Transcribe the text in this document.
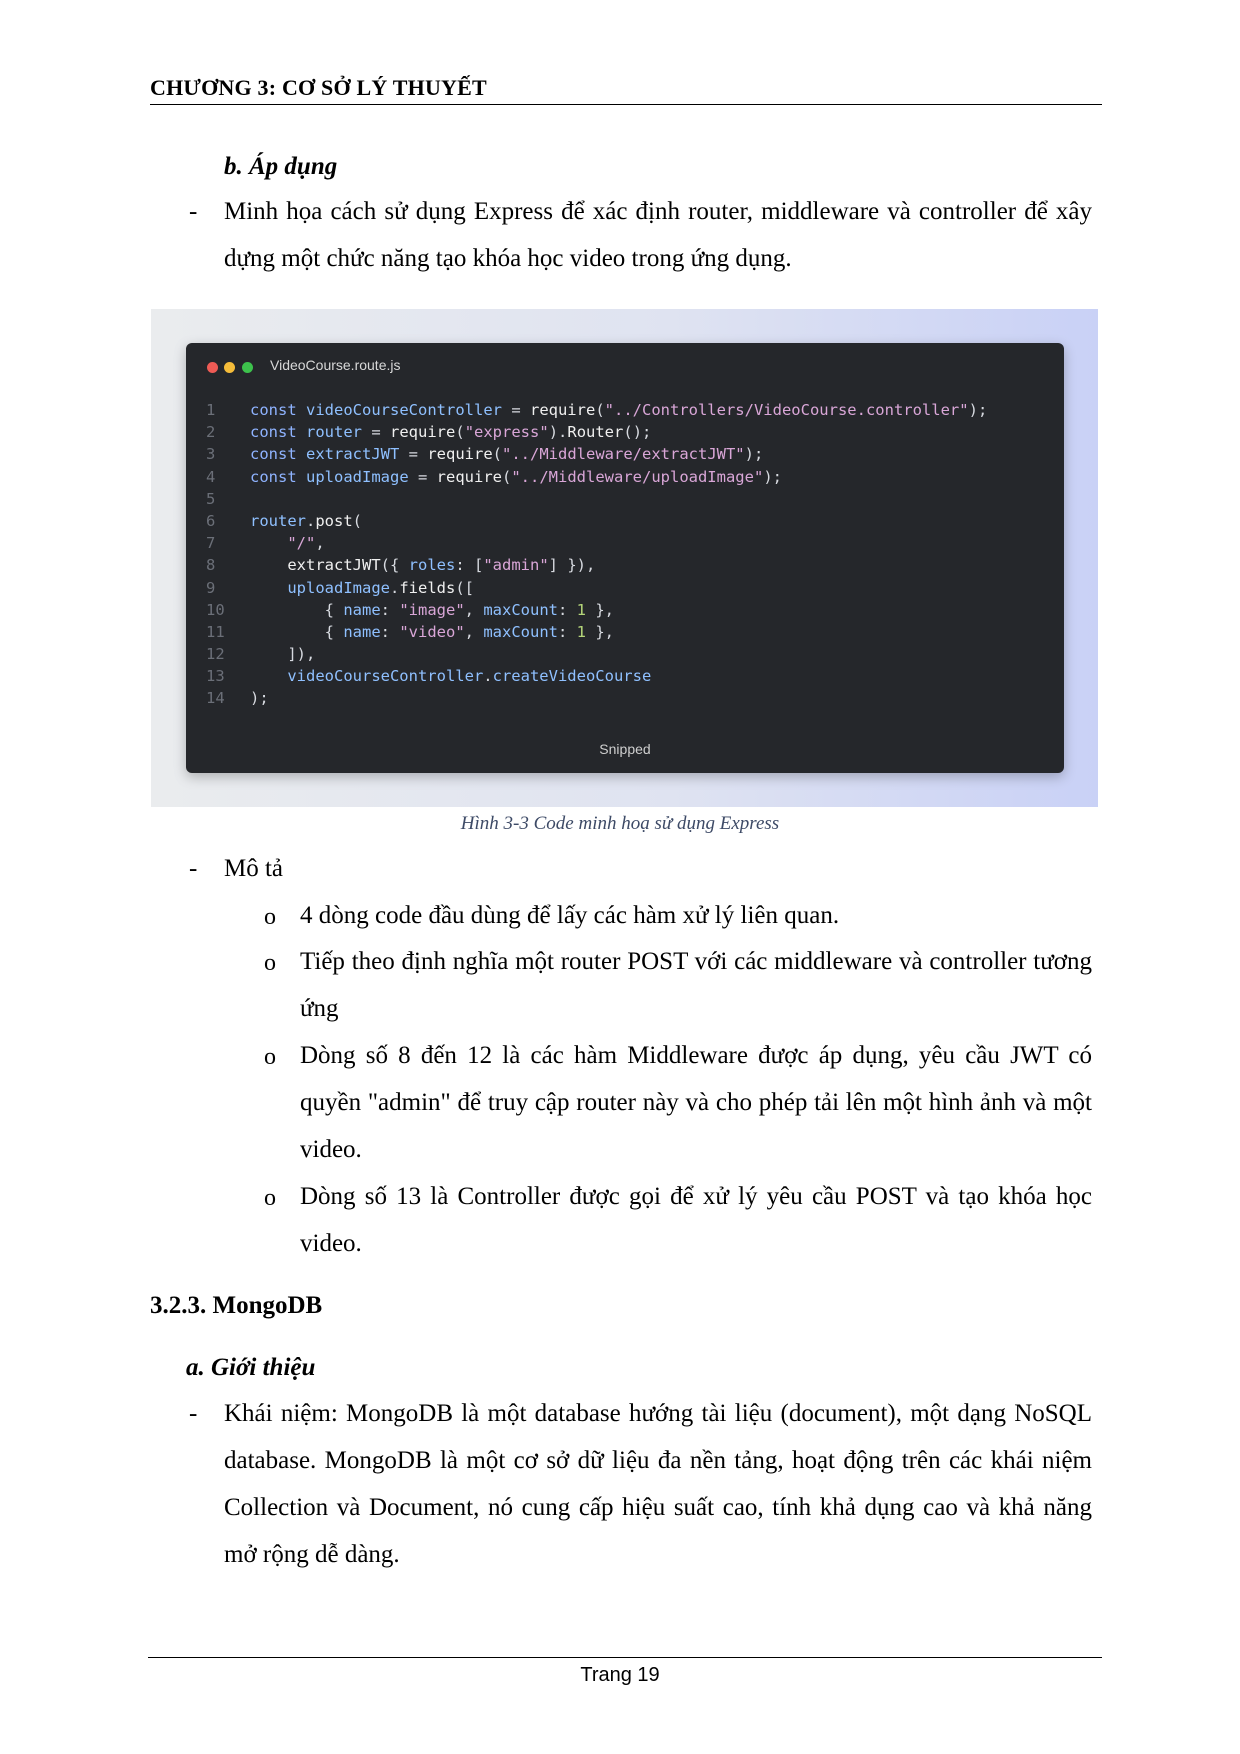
CHƯƠNG 3: CƠ SỞ LÝ THUYẾT
b. Áp dụng
- Minh họa cách sử dụng Express để xác định router, middleware và controller để xây dựng một chức năng tạo khóa học video trong ứng dụng.
VideoCourse.route.js
1	const videoCourseController = require("../Controllers/VideoCourse.controller");
2	const router = require("express").Router();
3	const extractJWT = require("../Middleware/extractJWT");
4	const uploadImage = require("../Middleware/uploadImage");
5
6	router.post(
7	"/",
8	extractJWT({ roles: ["admin"] }),
9	uploadImage.fields([
10	{ name: "image", maxCount: 1 },
11	{ name: "video", maxCount: 1 },
12	]),
13	videoCourseController.createVideoCourse
14	);
Snipped
Hình 3-3 Code minh hoạ sử dụng Express
- Mô tả
o 4 dòng code đầu dùng để lấy các hàm xử lý liên quan.
o Tiếp theo định nghĩa một router POST với các middleware và controller tương ứng
o Dòng số 8 đến 12 là các hàm Middleware được áp dụng, yêu cầu JWT có quyền "admin" để truy cập router này và cho phép tải lên một hình ảnh và một video.
o Dòng số 13 là Controller được gọi để xử lý yêu cầu POST và tạo khóa học video.
3.2.3. MongoDB
a. Giới thiệu
- Khái niệm: MongoDB là một database hướng tài liệu (document), một dạng NoSQL database. MongoDB là một cơ sở dữ liệu đa nền tảng, hoạt động trên các khái niệm Collection và Document, nó cung cấp hiệu suất cao, tính khả dụng cao và khả năng mở rộng dễ dàng.
Trang 19
